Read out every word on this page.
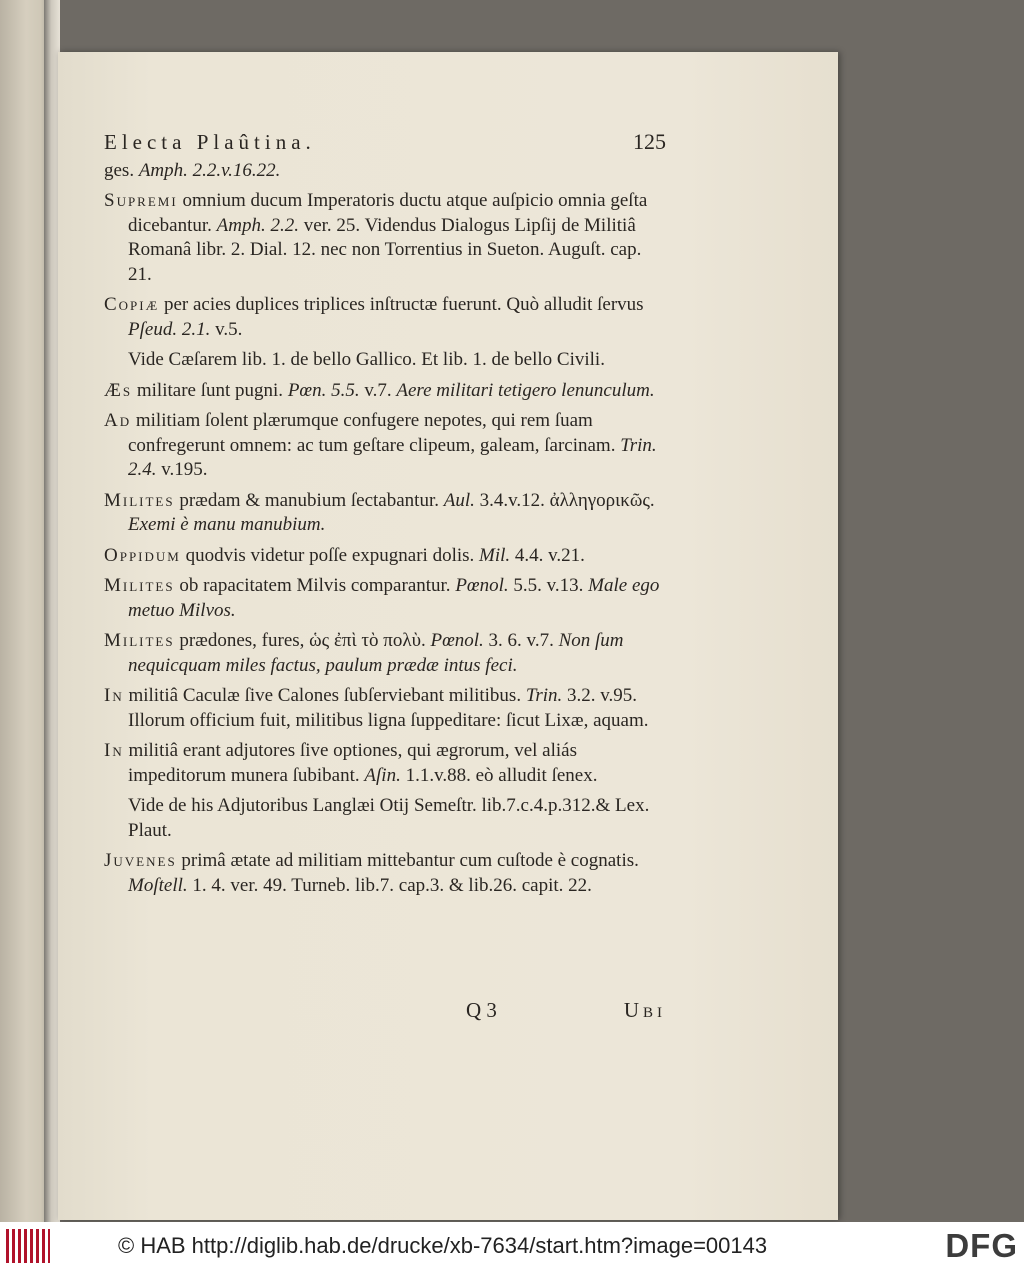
Electa Plaûtina.	125

ges. Amph. 2.2.v.16.22.

Supremi omnium ducum Imperatoris ductu atque auſpicio omnia geſta dicebantur. Amph. 2.2. ver. 25. Videndus Dialogus Lipſij de Militiâ Romanâ libr. 2. Dial. 12. nec non Torrentius in Sueton. Auguſt. cap. 21.

Copiæ per acies duplices triplices inſtructæ fuerunt. Quò alludit ſervus Pſeud. 2.1. v.5.

Vide Cæſarem lib. 1. de bello Gallico. Et lib. 1. de bello Civili.

Æs militare ſunt pugni. Pœn. 5.5. v.7. Aere militari tetigero lenunculum.

Ad militiam ſolent plærumque confugere nepotes, qui rem ſuam confregerunt omnem: ac tum geſtare clipeum, galeam, ſarcinam. Trin. 2.4. v.195.

Milites prædam & manubium ſectabantur. Aul. 3.4.v.12. ἀλληγορικῶς. Exemi è manu manubium.

Oppidum quodvis videtur poſſe expugnari dolis. Mil. 4.4. v.21.

Milites ob rapacitatem Milvis comparantur. Pœnol. 5.5. v.13. Male ego metuo Milvos.

Milites prædones, fures, ὡς ἐπὶ τὸ πολὺ. Pœnol. 3. 6. v.7. Non ſum nequicquam miles factus, paulum prædæ intus feci.

In militiâ Caculæ ſive Calones ſubſerviebant militibus. Trin. 3.2. v.95. Illorum officium fuit, militibus ligna ſuppeditare: ſicut Lixæ, aquam.

In militiâ erant adjutores ſive optiones, qui ægrorum, vel aliás impeditorum munera ſubibant. Aſin. 1.1.v.88. eò alludit ſenex.

Vide de his Adjutoribus Langlæi Otij Semeſtr. lib.7.c.4.p.312.& Lex. Plaut.

Juvenes primâ ætate ad militiam mittebantur cum cuſtode è cognatis. Moſtell. 1. 4. ver. 49. Turneb. lib.7. cap.3. & lib.26. capit. 22.

Q 3	Ubi
© HAB http://diglib.hab.de/drucke/xb-7634/start.htm?image=00143	DFG
